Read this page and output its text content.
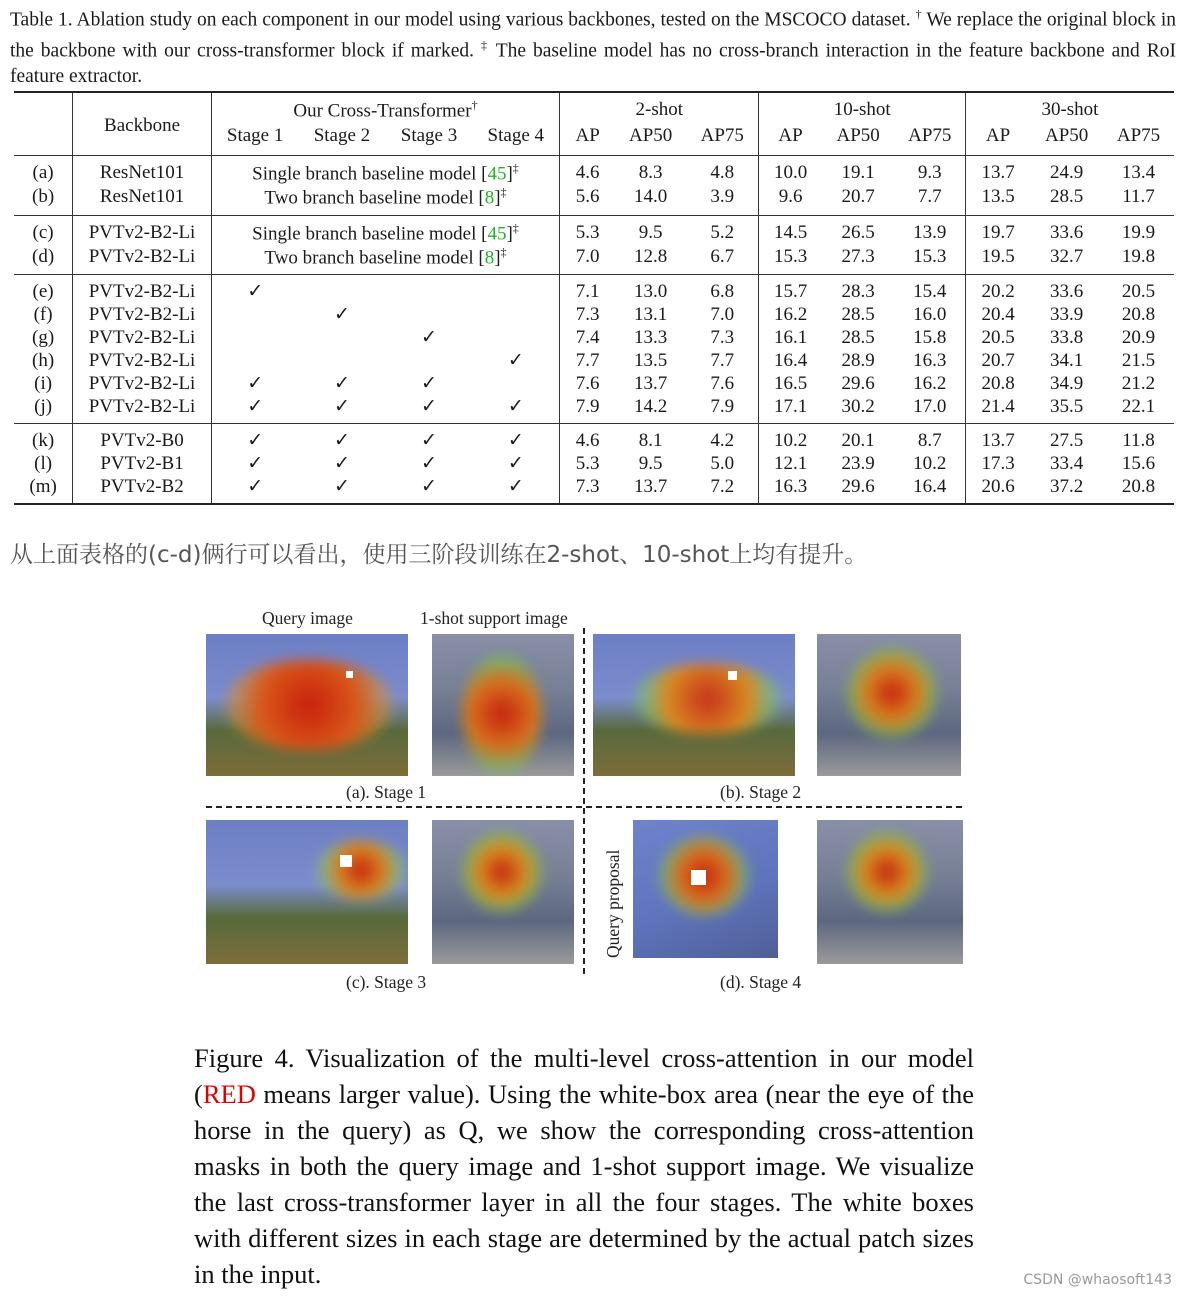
Table 1. Ablation study on each component in our model using various backbones, tested on the MSCOCO dataset. † We replace the original block in the backbone with our cross-transformer block if marked. ‡ The baseline model has no cross-branch interaction in the feature backbone and RoI feature extractor.
	Backbone	Our Cross-Transformer†				2-shot			10-shot			30-shot		
		Stage 1	Stage 2	Stage 3	Stage 4	AP	AP50	AP75	AP	AP50	AP75	AP	AP50	AP75
(a)	ResNet101	Single branch baseline model [45]‡				4.6	8.3	4.8	10.0	19.1	9.3	13.7	24.9	13.4
(b)	ResNet101	Two branch baseline model [8]‡				5.6	14.0	3.9	9.6	20.7	7.7	13.5	28.5	11.7
(c)	PVTv2-B2-Li	Single branch baseline model [45]‡				5.3	9.5	5.2	14.5	26.5	13.9	19.7	33.6	19.9
(d)	PVTv2-B2-Li	Two branch baseline model [8]‡				7.0	12.8	6.7	15.3	27.3	15.3	19.5	32.7	19.8
(e)	PVTv2-B2-Li	✓				7.1	13.0	6.8	15.7	28.3	15.4	20.2	33.6	20.5
(f)	PVTv2-B2-Li		✓			7.3	13.1	7.0	16.2	28.5	16.0	20.4	33.9	20.8
(g)	PVTv2-B2-Li			✓		7.4	13.3	7.3	16.1	28.5	15.8	20.5	33.8	20.9
(h)	PVTv2-B2-Li				✓	7.7	13.5	7.7	16.4	28.9	16.3	20.7	34.1	21.5
(i)	PVTv2-B2-Li	✓	✓	✓		7.6	13.7	7.6	16.5	29.6	16.2	20.8	34.9	21.2
(j)	PVTv2-B2-Li	✓	✓	✓	✓	7.9	14.2	7.9	17.1	30.2	17.0	21.4	35.5	22.1
(k)	PVTv2-B0	✓	✓	✓	✓	4.6	8.1	4.2	10.2	20.1	8.7	13.7	27.5	11.8
(l)	PVTv2-B1	✓	✓	✓	✓	5.3	9.5	5.0	12.1	23.9	10.2	17.3	33.4	15.6
(m)	PVTv2-B2	✓	✓	✓	✓	7.3	13.7	7.2	16.3	29.6	16.4	20.6	37.2	20.8
从上面表格的(c-d)俩行可以看出，使用三阶段训练在2-shot、10-shot上均有提升。
Query image	1-shot support image
(a). Stage 1	(b). Stage 2
(c). Stage 3
Query proposal
(d). Stage 4
Figure 4. Visualization of the multi-level cross-attention in our model (RED means larger value). Using the white-box area (near the eye of the horse in the query) as Q, we show the corresponding cross-attention masks in both the query image and 1-shot support image. We visualize the last cross-transformer layer in all the four stages. The white boxes with different sizes in each stage are determined by the actual patch sizes in the input.	CSDN @whaosoft143
